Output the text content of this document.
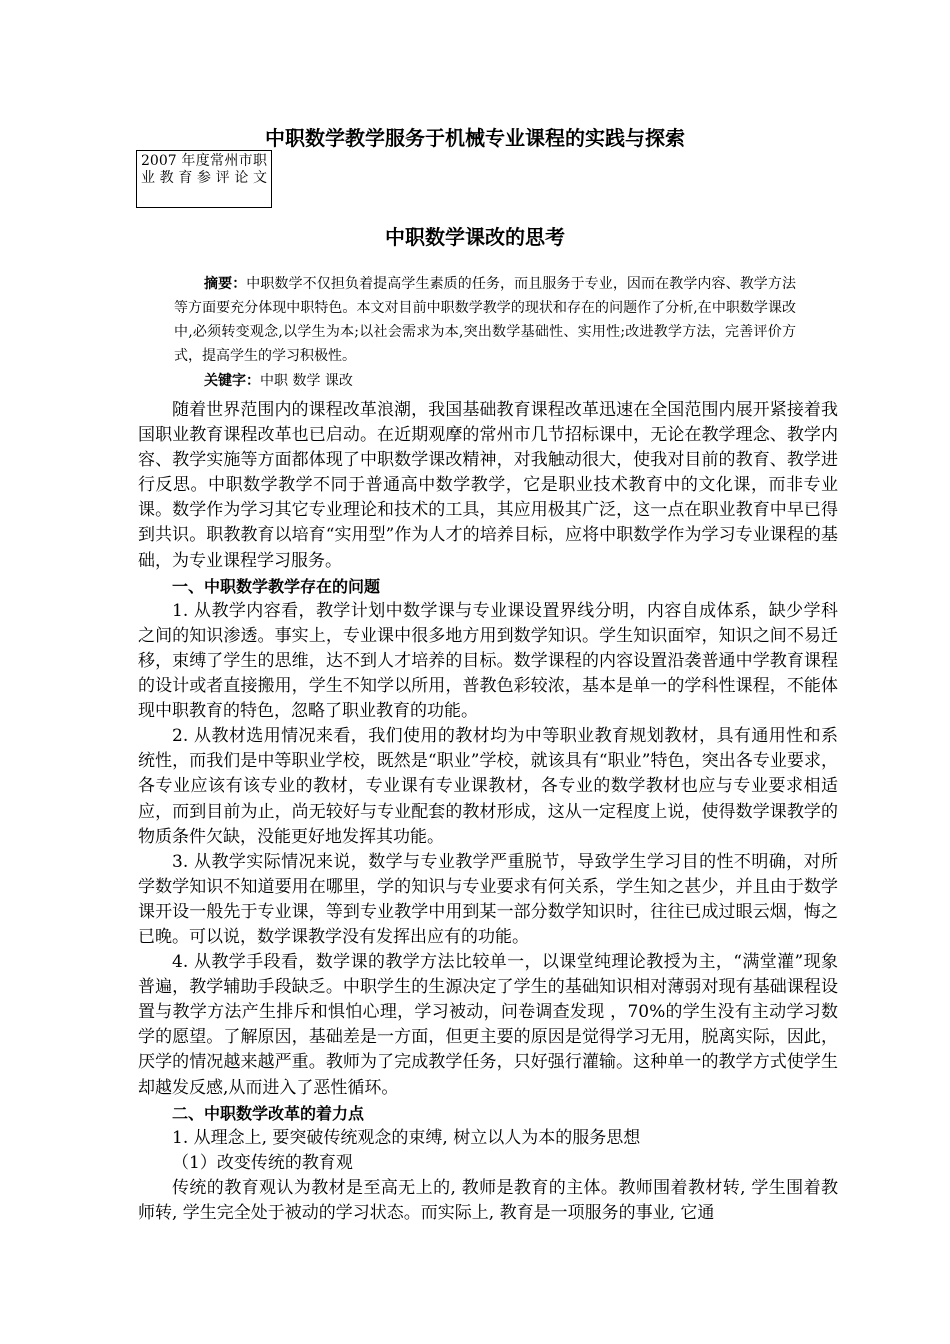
中职数学教学服务于机械专业课程的实践与探索
2007 年度常州市职业教育参评论文
中职数学课改的思考

摘要：中职数学不仅担负着提高学生素质的任务，而且服务于专业，因而在教学内容、教学方法等方面要充分体现中职特色。本文对目前中职数学教学的现状和存在的问题作了分析,在中职数学课改中,必须转变观念,以学生为本;以社会需求为本,突出数学基础性、实用性;改进教学方法，完善评价方式，提高学生的学习积极性。

关键字：中职 数学 课改

随着世界范围内的课程改革浪潮，我国基础教育课程改革迅速在全国范围内展开紧接着我国职业教育课程改革也已启动。在近期观摩的常州市几节招标课中，无论在教学理念、教学内容、教学实施等方面都体现了中职数学课改精神，对我触动很大，使我对目前的教育、教学进行反思。中职数学教学不同于普通高中数学教学，它是职业技术教育中的文化课，而非专业课。数学作为学习其它专业理论和技术的工具，其应用极其广泛，这一点在职业教育中早已得到共识。职教教育以培育“实用型”作为人才的培养目标，应将中职数学作为学习专业课程的基础，为专业课程学习服务。

一、中职数学教学存在的问题

1. 从教学内容看，教学计划中数学课与专业课设置界线分明，内容自成体系，缺少学科之间的知识渗透。事实上，专业课中很多地方用到数学知识。学生知识面窄，知识之间不易迁移，束缚了学生的思维，达不到人才培养的目标。数学课程的内容设置沿袭普通中学教育课程的设计或者直接搬用，学生不知学以所用，普教色彩较浓，基本是单一的学科性课程，不能体现中职教育的特色，忽略了职业教育的功能。

2. 从教材选用情况来看，我们使用的教材均为中等职业教育规划教材，具有通用性和系统性，而我们是中等职业学校，既然是“职业”学校，就该具有“职业”特色，突出各专业要求，各专业应该有该专业的教材，专业课有专业课教材，各专业的数学教材也应与专业要求相适应，而到目前为止，尚无较好与专业配套的教材形成，这从一定程度上说，使得数学课教学的物质条件欠缺，没能更好地发挥其功能。

3. 从教学实际情况来说，数学与专业教学严重脱节，导致学生学习目的性不明确，对所学数学知识不知道要用在哪里，学的知识与专业要求有何关系，学生知之甚少，并且由于数学课开设一般先于专业课，等到专业教学中用到某一部分数学知识时，往往已成过眼云烟，悔之已晚。可以说，数学课教学没有发挥出应有的功能。

4. 从教学手段看，数学课的教学方法比较单一，以课堂纯理论教授为主，“满堂灌”现象普遍，教学辅助手段缺乏。中职学生的生源决定了学生的基础知识相对薄弱对现有基础课程设置与教学方法产生排斥和惧怕心理，学习被动，问卷调查发现 ，70%的学生没有主动学习数学的愿望。了解原因，基础差是一方面，但更主要的原因是觉得学习无用，脱离实际，因此，厌学的情况越来越严重。教师为了完成教学任务，只好强行灌输。这种单一的教学方式使学生却越发反感,从而进入了恶性循环。

二、中职数学改革的着力点

1. 从理念上, 要突破传统观念的束缚, 树立以人为本的服务思想

（1）改变传统的教育观

传统的教育观认为教材是至高无上的, 教师是教育的主体。教师围着教材转, 学生围着教师转, 学生完全处于被动的学习状态。而实际上, 教育是一项服务的事业, 它通
